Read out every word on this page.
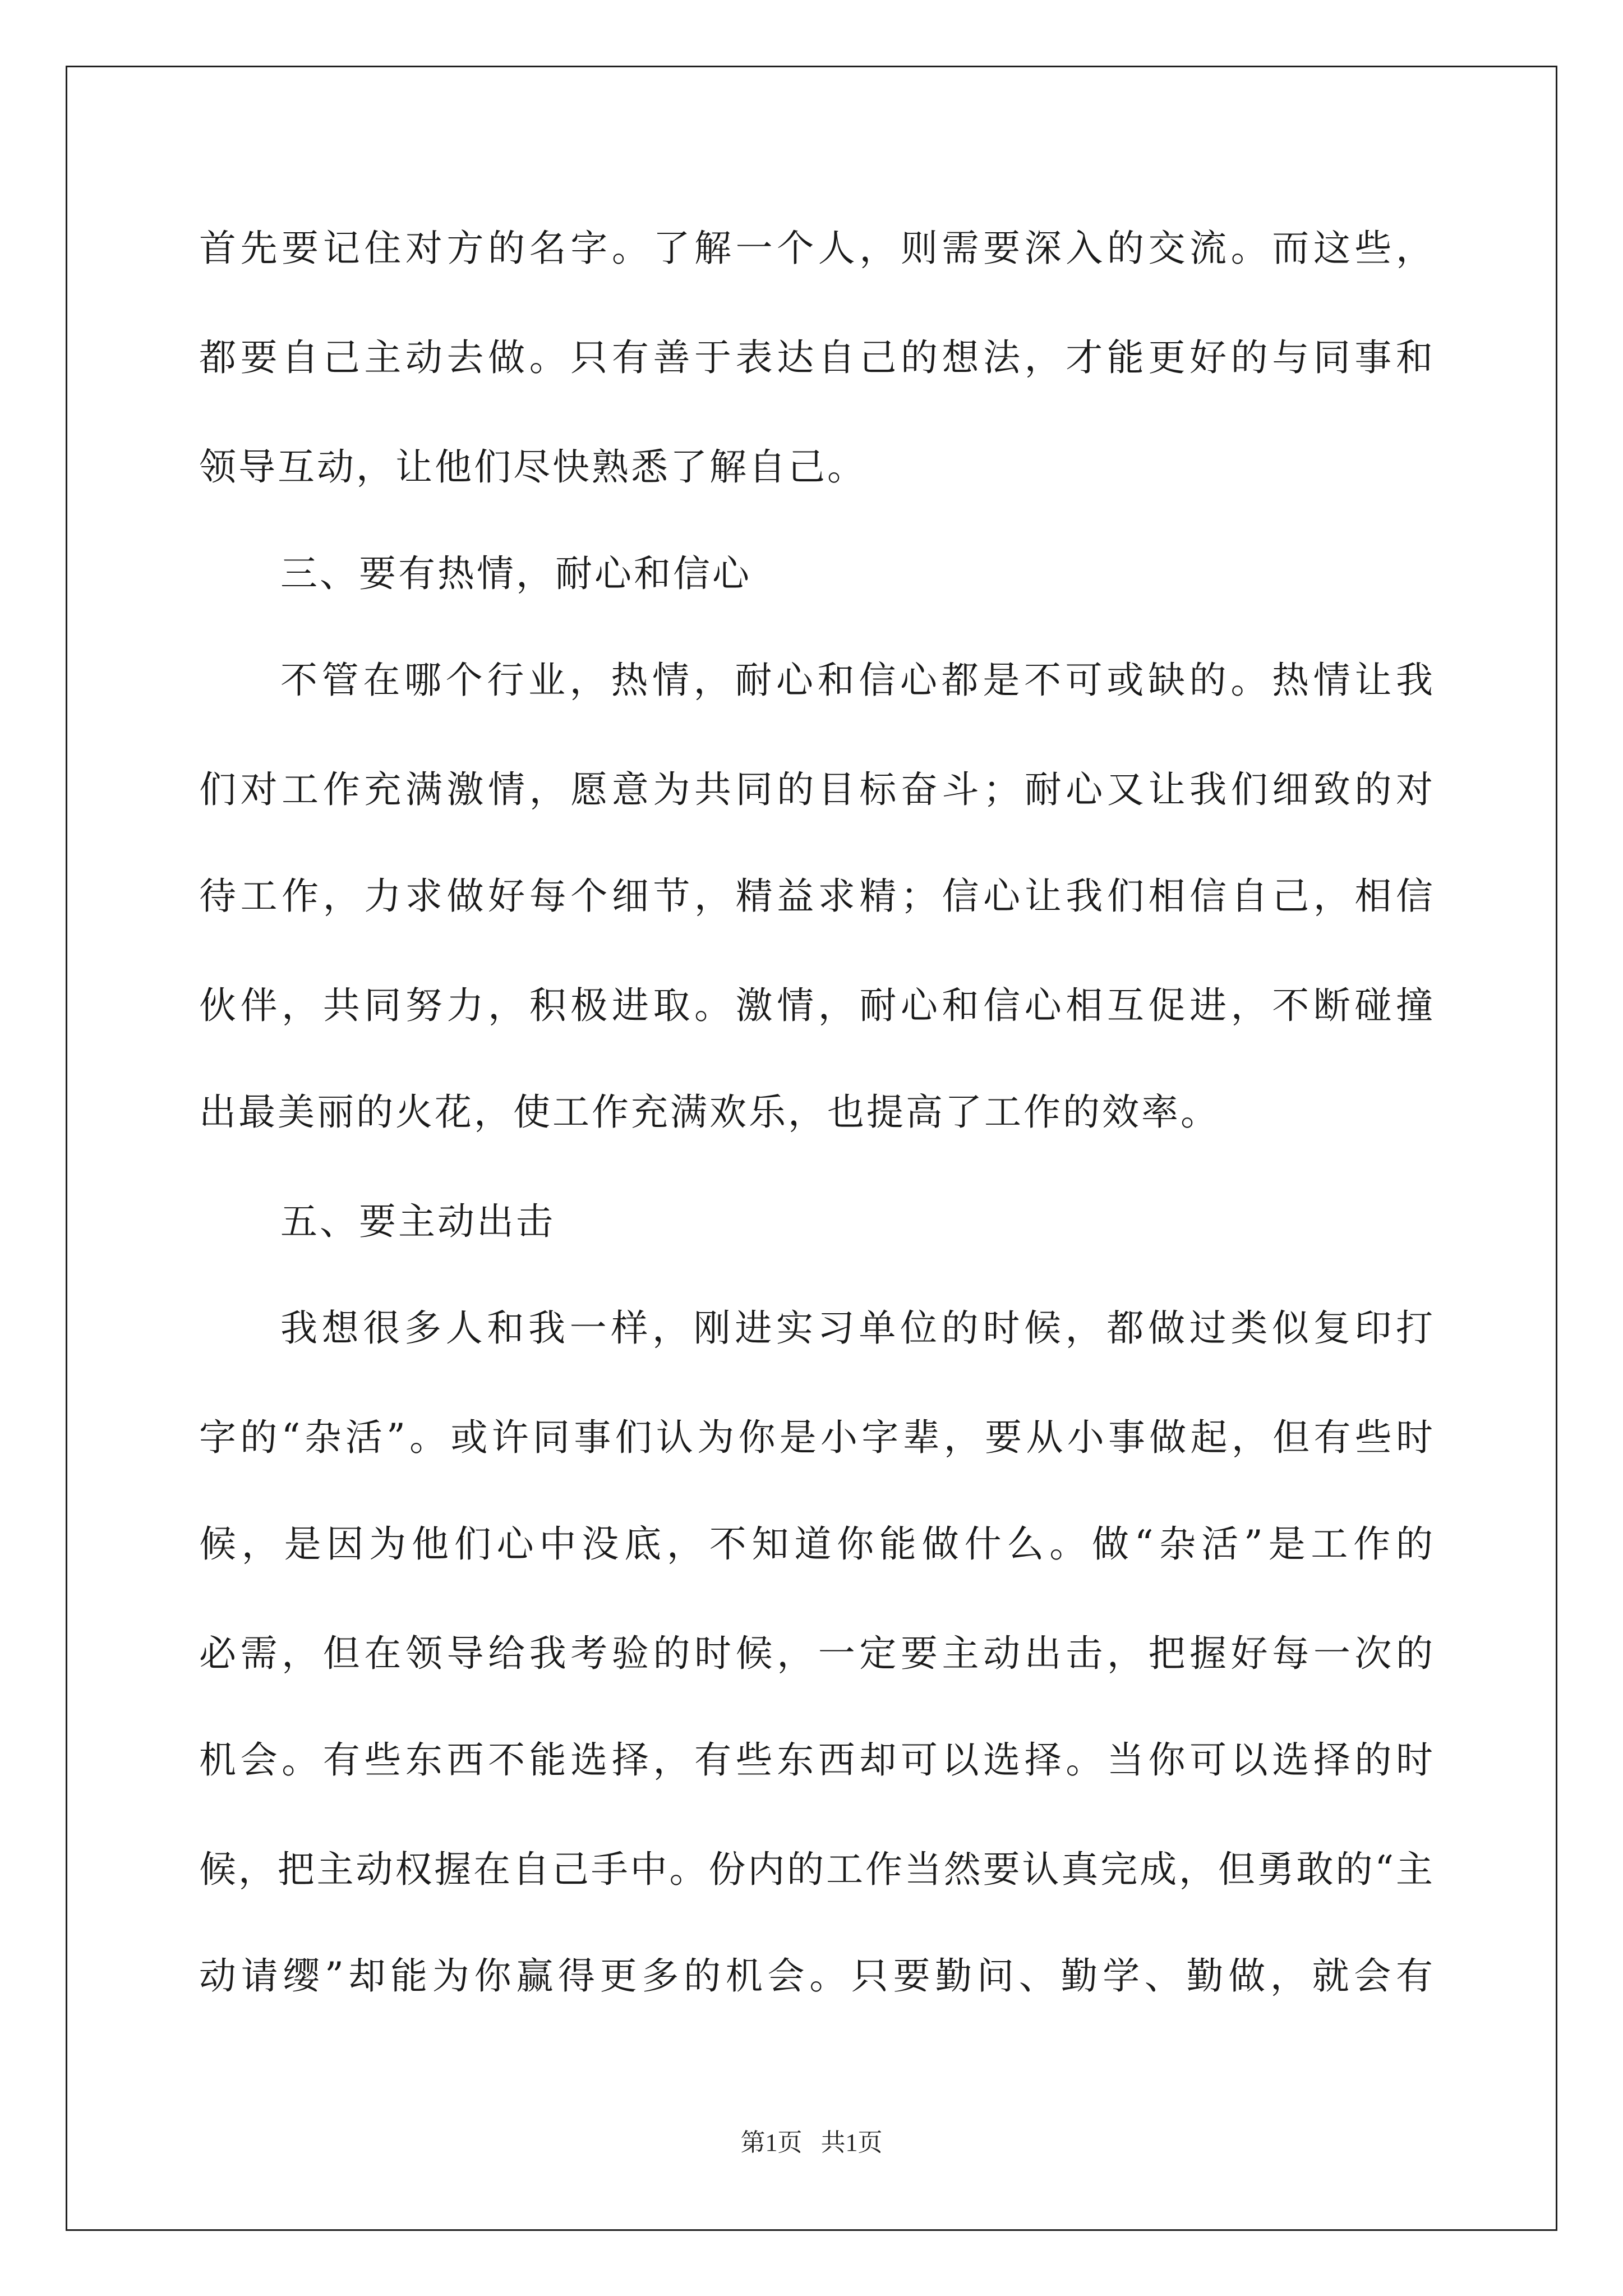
首先要记住对方的名字。了解一个人，则需要深入的交流。而这些，
都要自己主动去做。只有善于表达自己的想法，才能更好的与同事和
领导互动，让他们尽快熟悉了解自己。
三、要有热情，耐心和信心
不管在哪个行业，热情，耐心和信心都是不可或缺的。热情让我
们对工作充满激情，愿意为共同的目标奋斗；耐心又让我们细致的对
待工作，力求做好每个细节，精益求精；信心让我们相信自己，相信
伙伴，共同努力，积极进取。激情，耐心和信心相互促进，不断碰撞
出最美丽的火花，使工作充满欢乐，也提高了工作的效率。
五、要主动出击
我想很多人和我一样，刚进实习单位的时候，都做过类似复印打
字的“杂活”。或许同事们认为你是小字辈，要从小事做起，但有些时
候，是因为他们心中没底，不知道你能做什么。做“杂活”是工作的
必需，但在领导给我考验的时候，一定要主动出击，把握好每一次的
机会。有些东西不能选择，有些东西却可以选择。当你可以选择的时
候，把主动权握在自己手中。份内的工作当然要认真完成，但勇敢的“主
动请缨”却能为你赢得更多的机会。只要勤问、勤学、勤做，就会有
第1页 共1页
